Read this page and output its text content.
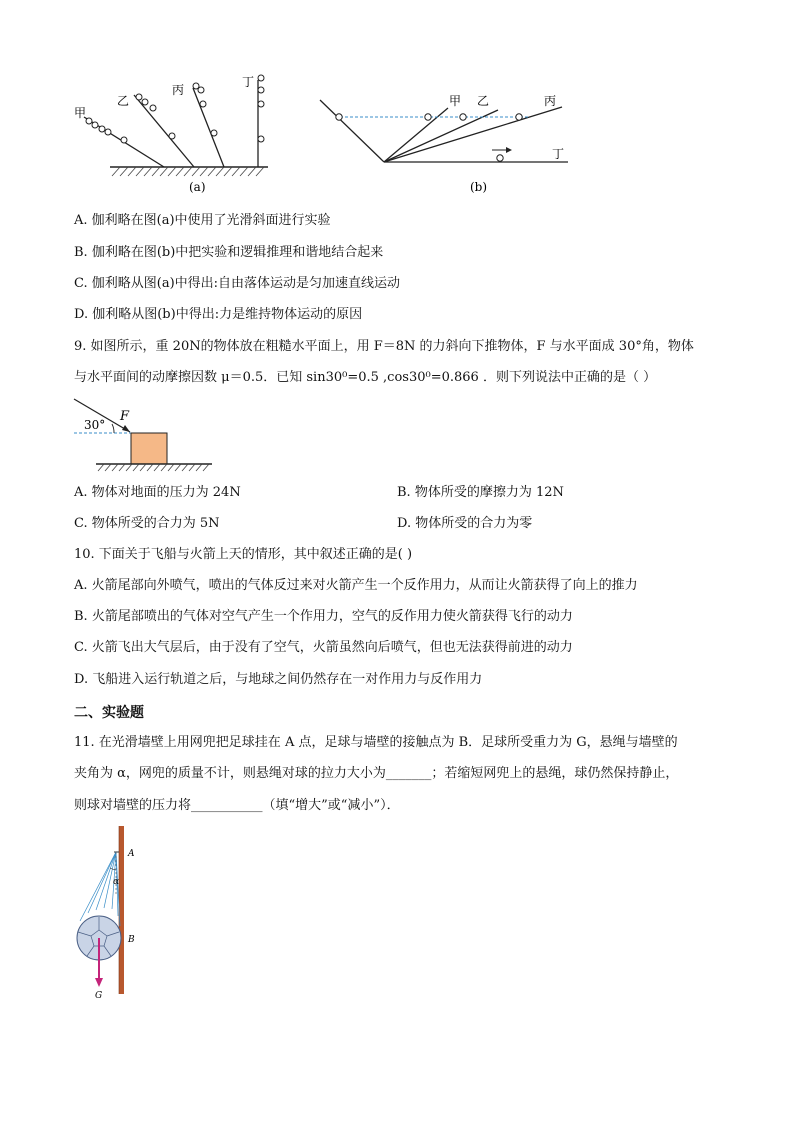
甲
乙
丙
丁
(a)
甲 乙	丙
丁
(b)
A. 伽利略在图(a)中使用了光滑斜面进行实验
B. 伽利略在图(b)中把实验和逻辑推理和谐地结合起来
C. 伽利略从图(a)中得出:自由落体运动是匀加速直线运动
D. 伽利略从图(b)中得出:力是维持物体运动的原因
9. 如图所示，重 20N的物体放在粗糙水平面上，用 F＝8N 的力斜向下推物体，F 与水平面成 30°角，物体
与水平面间的动摩擦因数 μ＝0.5．已知 sin30⁰=0.5 ,cos30⁰=0.866 ．则下列说法中正确的是（ ）
30°
F
A. 物体对地面的压力为 24N	B. 物体所受的摩擦力为 12N
C. 物体所受的合力为 5N	D. 物体所受的合力为零
10. 下面关于飞船与火箭上天的情形，其中叙述正确的是( )
A. 火箭尾部向外喷气，喷出的气体反过来对火箭产生一个反作用力，从而让火箭获得了向上的推力
B. 火箭尾部喷出的气体对空气产生一个作用力，空气的反作用力使火箭获得飞行的动力
C. 火箭飞出大气层后，由于没有了空气，火箭虽然向后喷气，但也无法获得前进的动力
D. 飞船进入运行轨道之后，与地球之间仍然存在一对作用力与反作用力
二、实验题
11. 在光滑墙壁上用网兜把足球挂在 A 点，足球与墙壁的接触点为 B．足球所受重力为 G，悬绳与墙壁的
夹角为 α，网兜的质量不计，则悬绳对球的拉力大小为_______；若缩短网兜上的悬绳，球仍然保持静止，
则球对墙壁的压力将___________（填“增大”或“减小”）．
A
α
B
G
